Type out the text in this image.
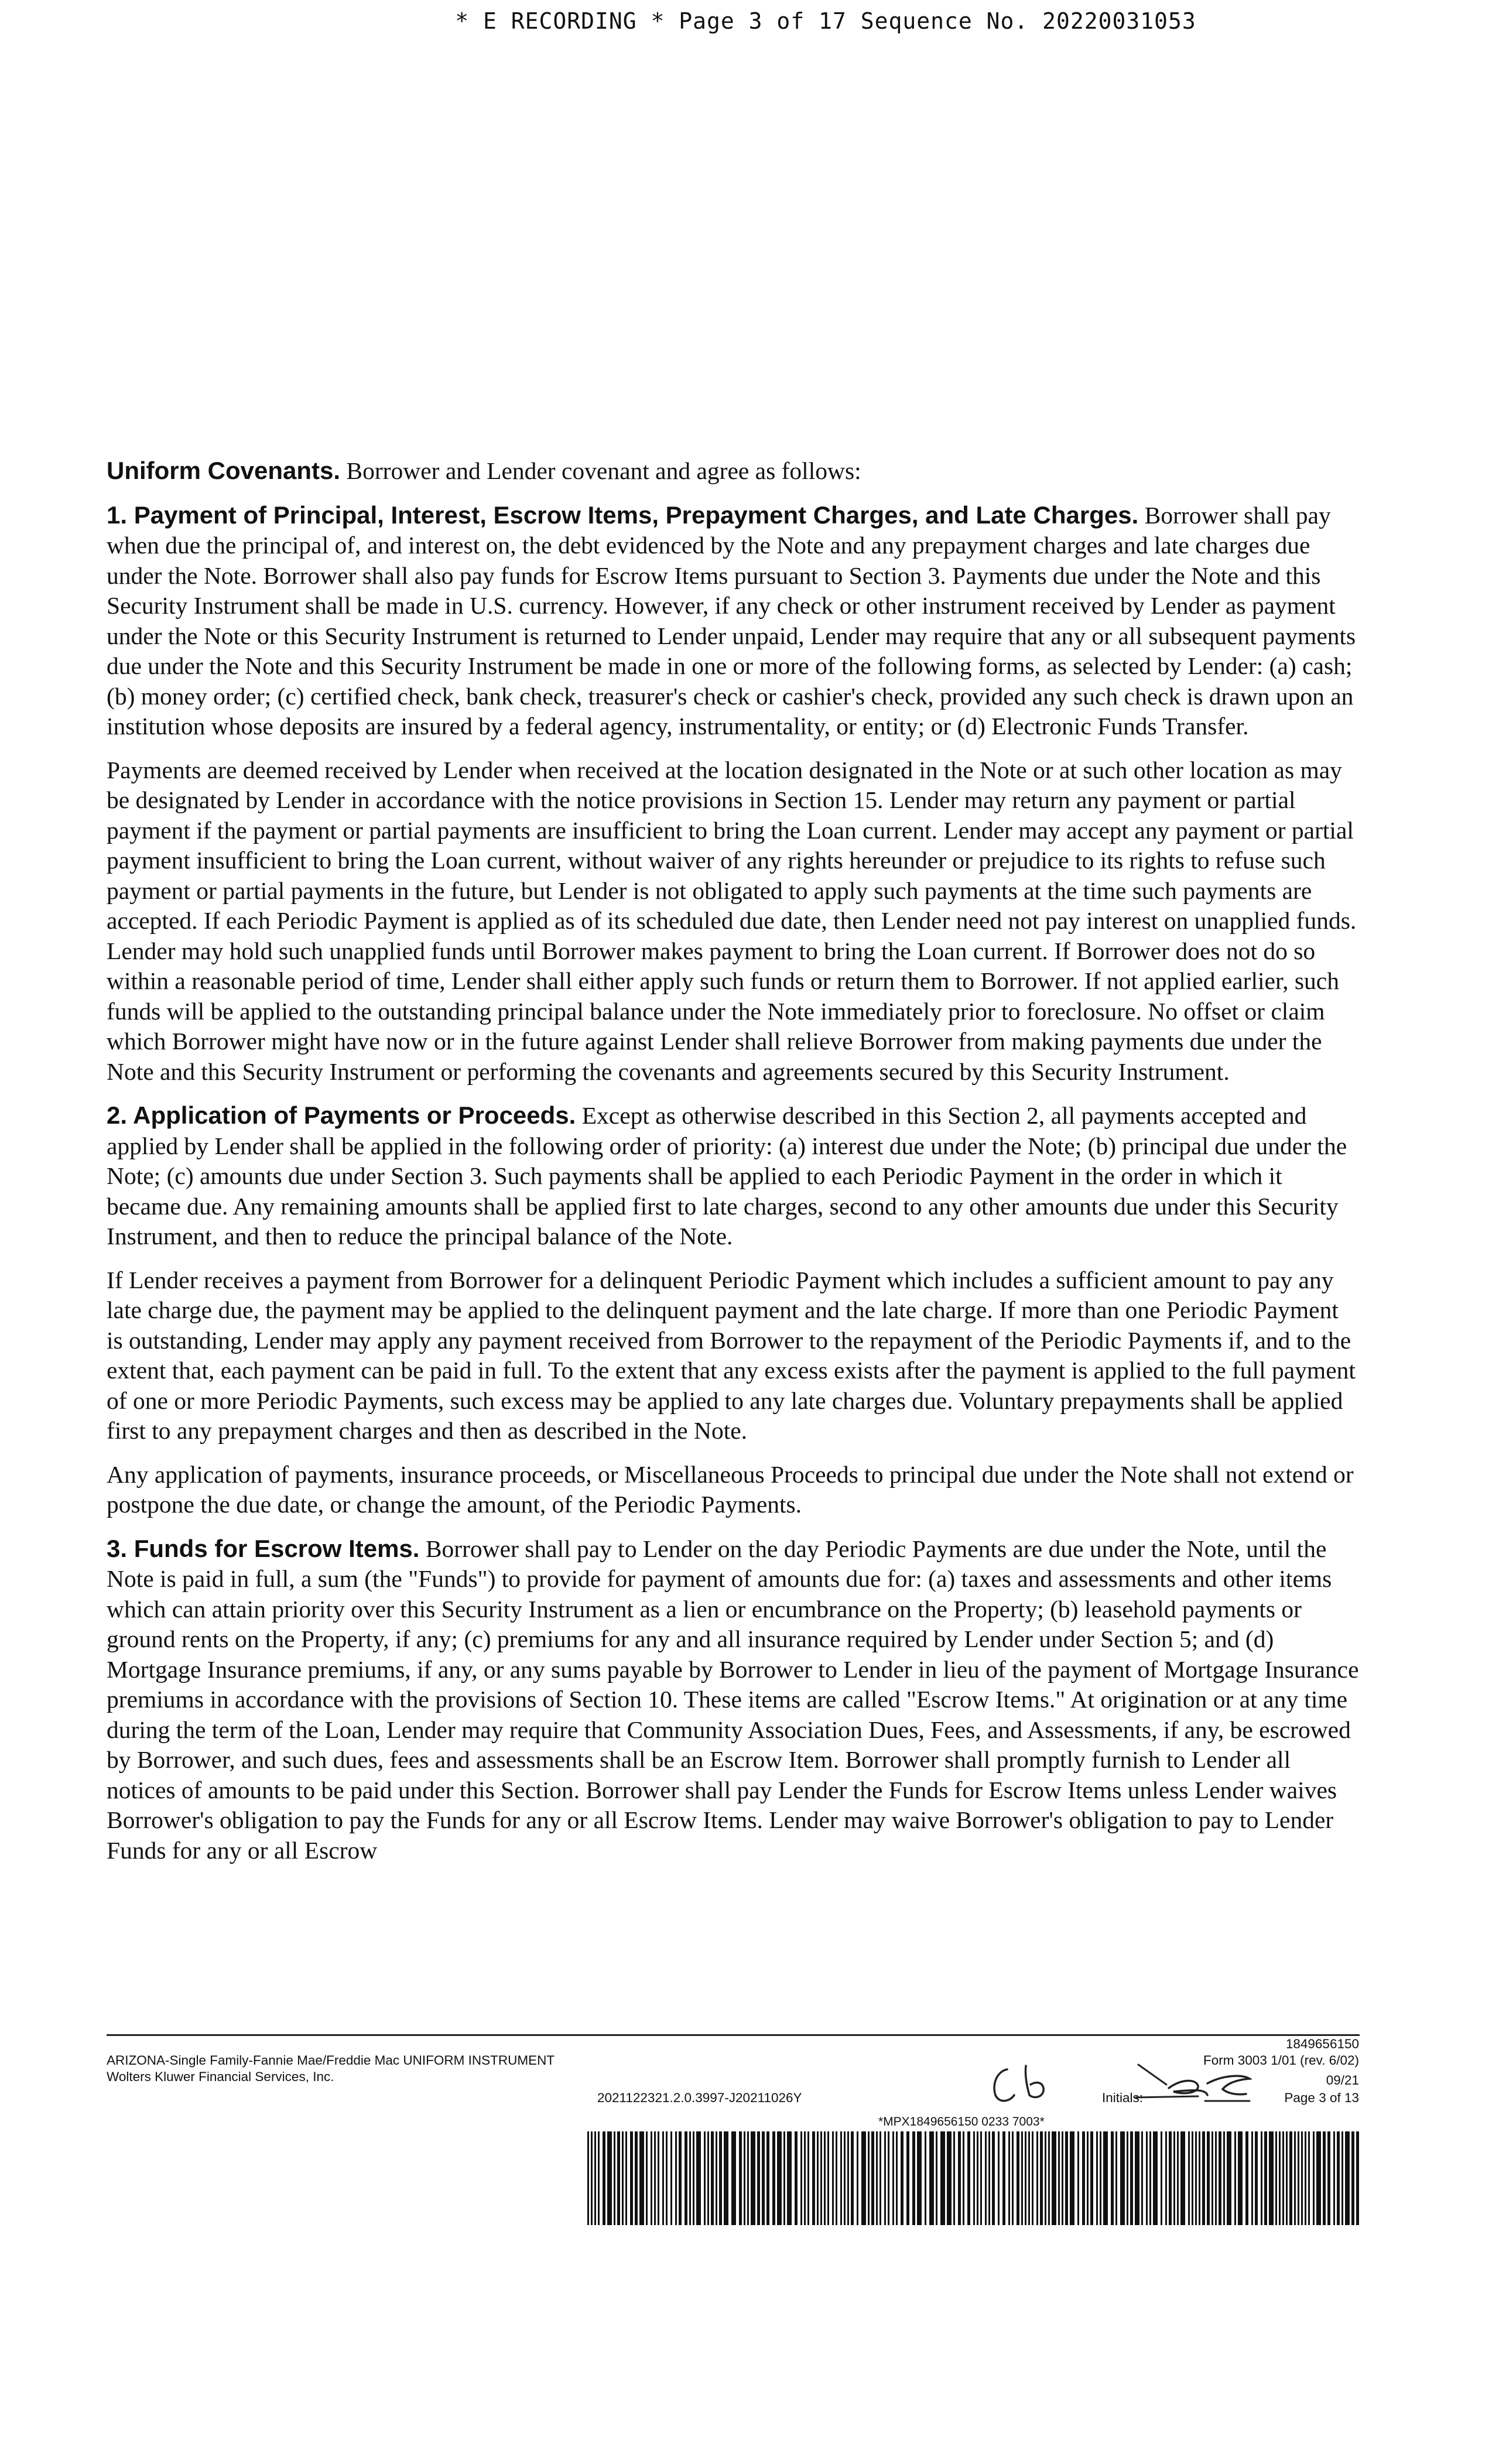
* E RECORDING * Page 3 of 17 Sequence No. 20220031053

Uniform Covenants. Borrower and Lender covenant and agree as follows:

1. Payment of Principal, Interest, Escrow Items, Prepayment Charges, and Late Charges. Borrower shall pay when due the principal of, and interest on, the debt evidenced by the Note and any prepayment charges and late charges due under the Note. Borrower shall also pay funds for Escrow Items pursuant to Section 3. Payments due under the Note and this Security Instrument shall be made in U.S. currency. However, if any check or other instrument received by Lender as payment under the Note or this Security Instrument is returned to Lender unpaid, Lender may require that any or all subsequent payments due under the Note and this Security Instrument be made in one or more of the following forms, as selected by Lender: (a) cash; (b) money order; (c) certified check, bank check, treasurer's check or cashier's check, provided any such check is drawn upon an institution whose deposits are insured by a federal agency, instrumentality, or entity; or (d) Electronic Funds Transfer.

Payments are deemed received by Lender when received at the location designated in the Note or at such other location as may be designated by Lender in accordance with the notice provisions in Section 15. Lender may return any payment or partial payment if the payment or partial payments are insufficient to bring the Loan current. Lender may accept any payment or partial payment insufficient to bring the Loan current, without waiver of any rights hereunder or prejudice to its rights to refuse such payment or partial payments in the future, but Lender is not obligated to apply such payments at the time such payments are accepted. If each Periodic Payment is applied as of its scheduled due date, then Lender need not pay interest on unapplied funds. Lender may hold such unapplied funds until Borrower makes payment to bring the Loan current. If Borrower does not do so within a reasonable period of time, Lender shall either apply such funds or return them to Borrower. If not applied earlier, such funds will be applied to the outstanding principal balance under the Note immediately prior to foreclosure. No offset or claim which Borrower might have now or in the future against Lender shall relieve Borrower from making payments due under the Note and this Security Instrument or performing the covenants and agreements secured by this Security Instrument.

2. Application of Payments or Proceeds. Except as otherwise described in this Section 2, all payments accepted and applied by Lender shall be applied in the following order of priority: (a) interest due under the Note; (b) principal due under the Note; (c) amounts due under Section 3. Such payments shall be applied to each Periodic Payment in the order in which it became due. Any remaining amounts shall be applied first to late charges, second to any other amounts due under this Security Instrument, and then to reduce the principal balance of the Note.

If Lender receives a payment from Borrower for a delinquent Periodic Payment which includes a sufficient amount to pay any late charge due, the payment may be applied to the delinquent payment and the late charge. If more than one Periodic Payment is outstanding, Lender may apply any payment received from Borrower to the repayment of the Periodic Payments if, and to the extent that, each payment can be paid in full. To the extent that any excess exists after the payment is applied to the full payment of one or more Periodic Payments, such excess may be applied to any late charges due. Voluntary prepayments shall be applied first to any prepayment charges and then as described in the Note.

Any application of payments, insurance proceeds, or Miscellaneous Proceeds to principal due under the Note shall not extend or postpone the due date, or change the amount, of the Periodic Payments.

3. Funds for Escrow Items. Borrower shall pay to Lender on the day Periodic Payments are due under the Note, until the Note is paid in full, a sum (the "Funds") to provide for payment of amounts due for: (a) taxes and assessments and other items which can attain priority over this Security Instrument as a lien or encumbrance on the Property; (b) leasehold payments or ground rents on the Property, if any; (c) premiums for any and all insurance required by Lender under Section 5; and (d) Mortgage Insurance premiums, if any, or any sums payable by Borrower to Lender in lieu of the payment of Mortgage Insurance premiums in accordance with the provisions of Section 10. These items are called "Escrow Items." At origination or at any time during the term of the Loan, Lender may require that Community Association Dues, Fees, and Assessments, if any, be escrowed by Borrower, and such dues, fees and assessments shall be an Escrow Item. Borrower shall promptly furnish to Lender all notices of amounts to be paid under this Section. Borrower shall pay Lender the Funds for Escrow Items unless Lender waives Borrower's obligation to pay the Funds for any or all Escrow Items. Lender may waive Borrower's obligation to pay to Lender Funds for any or all Escrow

1849656150
ARIZONA-Single Family-Fannie Mae/Freddie Mac UNIFORM INSTRUMENT	Form 3003 1/01 (rev. 6/02)
Wolters Kluwer Financial Services, Inc.	09/21
2021122321.2.0.3997-J20211026Y	Initials:	Page 3 of 13
*MPX1849656150 0233 7003*
